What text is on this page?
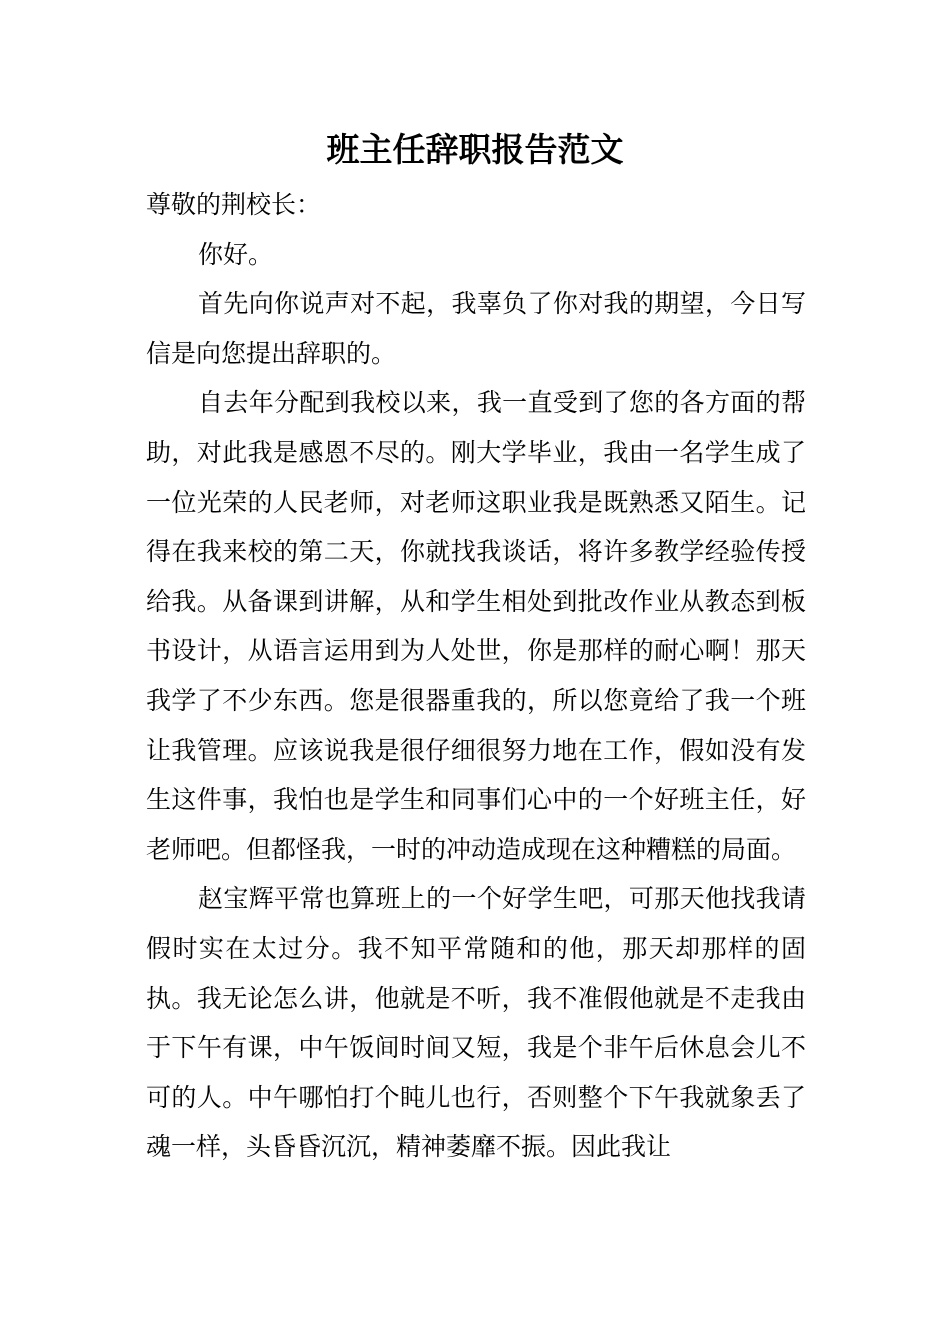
班主任辞职报告范文

尊敬的荆校长：

你好。

首先向你说声对不起，我辜负了你对我的期望，今日写信是向您提出辞职的。

自去年分配到我校以来，我一直受到了您的各方面的帮助，对此我是感恩不尽的。刚大学毕业，我由一名学生成了一位光荣的人民老师，对老师这职业我是既熟悉又陌生。记得在我来校的第二天，你就找我谈话，将许多教学经验传授给我。从备课到讲解，从和学生相处到批改作业从教态到板书设计，从语言运用到为人处世，你是那样的耐心啊！那天我学了不少东西。您是很器重我的，所以您竟给了我一个班让我管理。应该说我是很仔细很努力地在工作，假如没有发生这件事，我怕也是学生和同事们心中的一个好班主任，好老师吧。但都怪我，一时的冲动造成现在这种糟糕的局面。

赵宝辉平常也算班上的一个好学生吧，可那天他找我请假时实在太过分。我不知平常随和的他，那天却那样的固执。我无论怎么讲，他就是不听，我不准假他就是不走我由于下午有课，中午饭间时间又短，我是个非午后休息会儿不可的人。中午哪怕打个盹儿也行，否则整个下午我就象丢了魂一样，头昏昏沉沉，精神萎靡不振。因此我让
